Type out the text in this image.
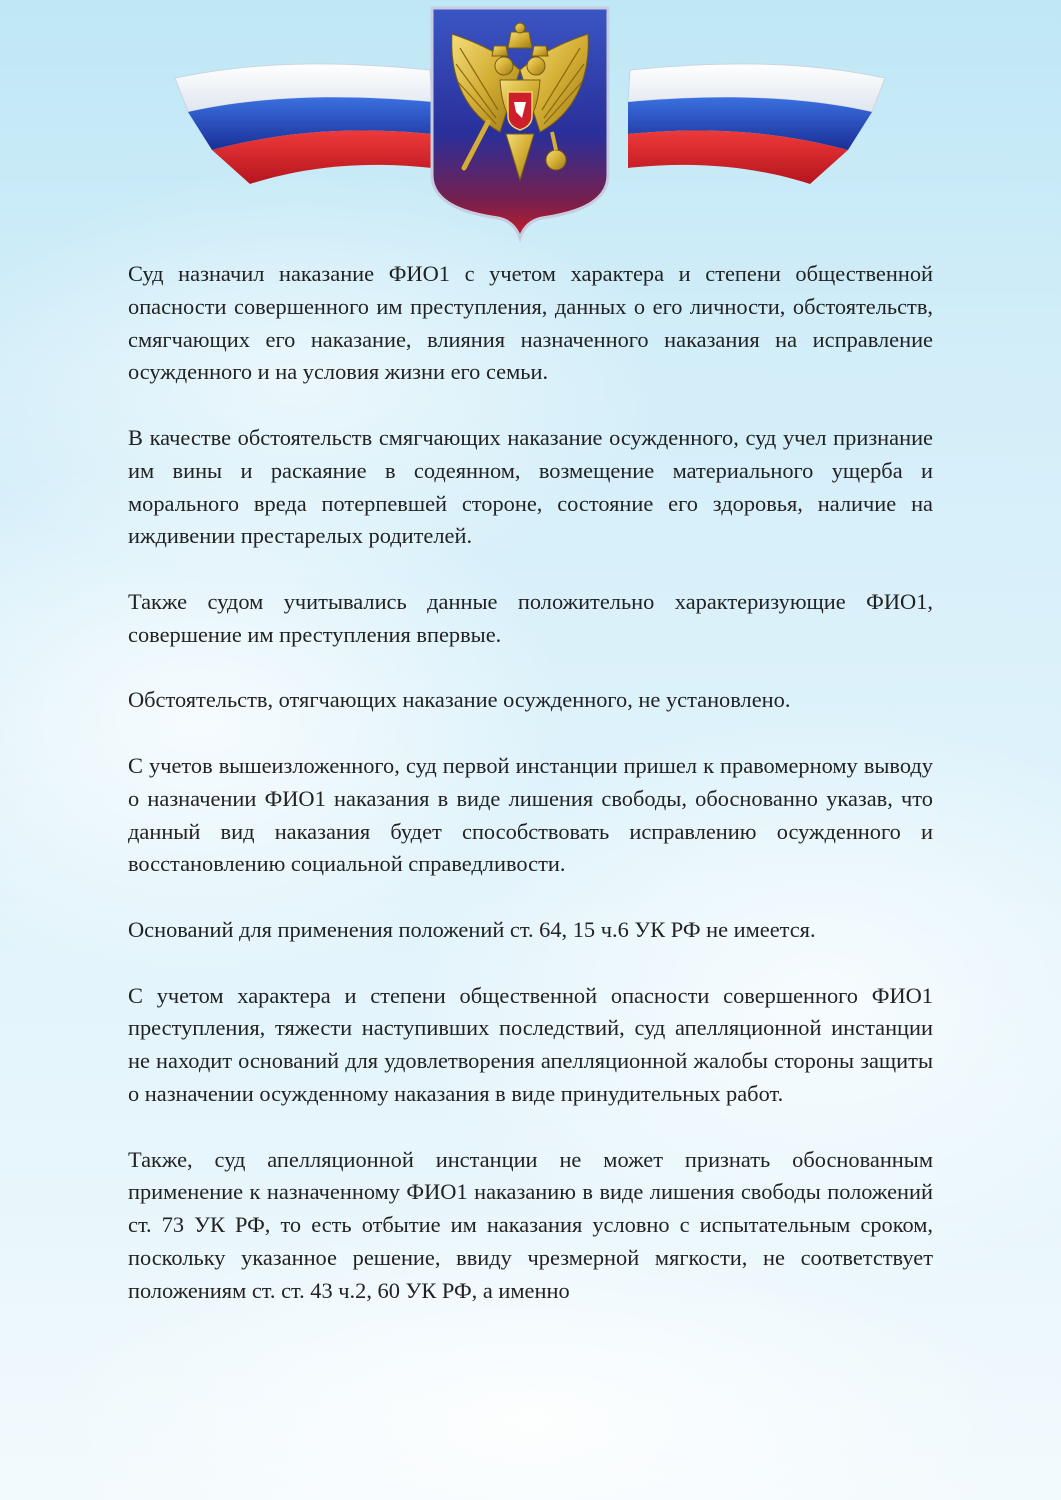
Суд назначил наказание ФИО1 с учетом характера и степени общественной опасности совершенного им преступления, данных о его личности, обстоятельств, смягчающих его наказание, влияния назначенного наказания на исправление осужденного и на условия жизни его семьи.

В качестве обстоятельств смягчающих наказание осужденного, суд учел признание им вины и раскаяние в содеянном, возмещение материального ущерба и морального вреда потерпевшей стороне, состояние его здоровья, наличие на иждивении престарелых родителей.

Также судом учитывались данные положительно характеризующие ФИО1, совершение им преступления впервые.

Обстоятельств, отягчающих наказание осужденного, не установлено.

С учетов вышеизложенного, суд первой инстанции пришел к правомерному выводу о назначении ФИО1 наказания в виде лишения свободы, обоснованно указав, что данный вид наказания будет способствовать исправлению осужденного и восстановлению социальной справедливости.

Оснований для применения положений ст. 64, 15 ч.6 УК РФ не имеется.

С учетом характера и степени общественной опасности совершенного ФИО1 преступления, тяжести наступивших последствий, суд апелляционной инстанции не находит оснований для удовлетворения апелляционной жалобы стороны защиты о назначении осужденному наказания в виде принудительных работ.

Также, суд апелляционной инстанции не может признать обоснованным применение к назначенному ФИО1 наказанию в виде лишения свободы положений ст. 73 УК РФ, то есть отбытие им наказания условно с испытательным сроком, поскольку указанное решение, ввиду чрезмерной мягкости, не соответствует положениям ст. ст. 43 ч.2, 60 УК РФ, а именно
